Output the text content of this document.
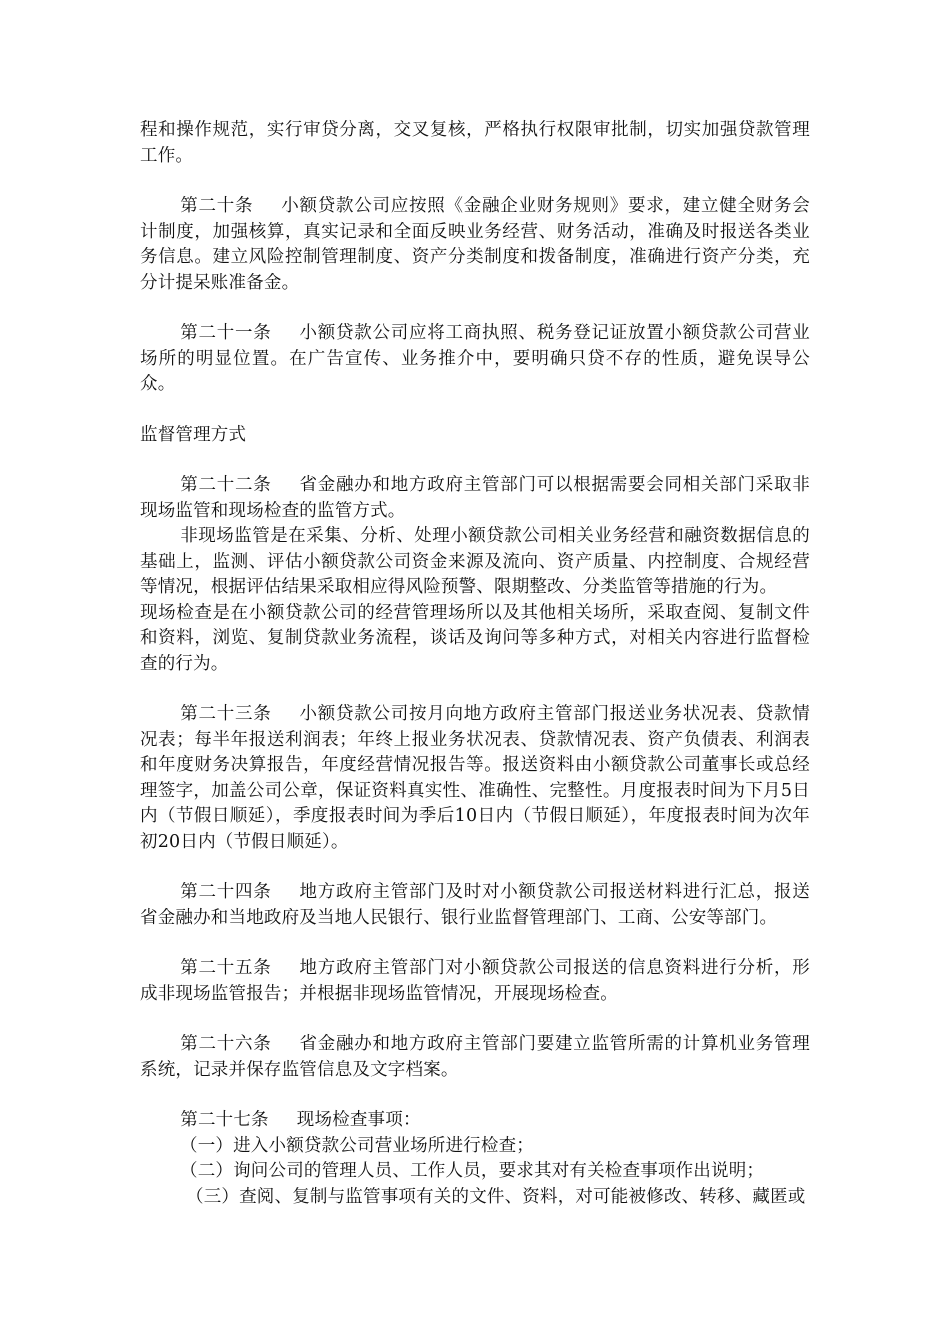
程和操作规范，实行审贷分离，交叉复核，严格执行权限审批制，切实加强贷款管理工作。

第二十条 小额贷款公司应按照《金融企业财务规则》要求，建立健全财务会计制度，加强核算，真实记录和全面反映业务经营、财务活动，准确及时报送各类业务信息。建立风险控制管理制度、资产分类制度和拨备制度，准确进行资产分类，充分计提呆账准备金。

第二十一条 小额贷款公司应将工商执照、税务登记证放置小额贷款公司营业场所的明显位置。在广告宣传、业务推介中，要明确只贷不存的性质，避免误导公众。

监督管理方式

第二十二条 省金融办和地方政府主管部门可以根据需要会同相关部门采取非现场监管和现场检查的监管方式。

非现场监管是在采集、分析、处理小额贷款公司相关业务经营和融资数据信息的基础上，监测、评估小额贷款公司资金来源及流向、资产质量、内控制度、合规经营等情况，根据评估结果采取相应得风险预警、限期整改、分类监管等措施的行为。

现场检查是在小额贷款公司的经营管理场所以及其他相关场所，采取查阅、复制文件和资料，浏览、复制贷款业务流程，谈话及询问等多种方式，对相关内容进行监督检查的行为。

第二十三条 小额贷款公司按月向地方政府主管部门报送业务状况表、贷款情况表；每半年报送利润表；年终上报业务状况表、贷款情况表、资产负债表、利润表和年度财务决算报告，年度经营情况报告等。报送资料由小额贷款公司董事长或总经理签字，加盖公司公章，保证资料真实性、准确性、完整性。月度报表时间为下月5日内（节假日顺延），季度报表时间为季后10日内（节假日顺延），年度报表时间为次年初20日内（节假日顺延）。

第二十四条 地方政府主管部门及时对小额贷款公司报送材料进行汇总，报送省金融办和当地政府及当地人民银行、银行业监督管理部门、工商、公安等部门。

第二十五条 地方政府主管部门对小额贷款公司报送的信息资料进行分析，形成非现场监管报告；并根据非现场监管情况，开展现场检查。

第二十六条 省金融办和地方政府主管部门要建立监管所需的计算机业务管理系统，记录并保存监管信息及文字档案。

第二十七条 现场检查事项：

（一）进入小额贷款公司营业场所进行检查；

（二）询问公司的管理人员、工作人员，要求其对有关检查事项作出说明；

（三）查阅、复制与监管事项有关的文件、资料，对可能被修改、转移、藏匿或
